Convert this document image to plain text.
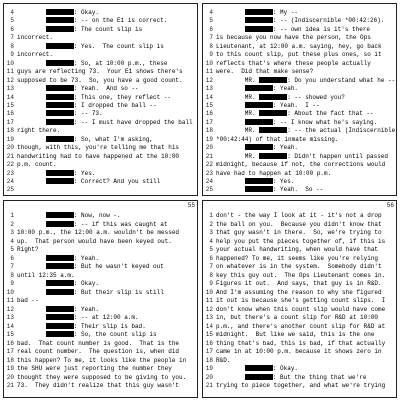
4	: Okay.
5	: -- on the E1 is correct.
6	: The count slip is
7 incorrect.
8	: Yes.  The count slip is
9 incorrect.
10	: So, at 10:00 p.m., these
11 guys are reflecting 73.  Your E1 shows there's
12 supposed to be 73.  So, you have a good count.
13	: Yeah.  And so --
14	: This one, they reflect --
15	: I dropped the ball --
16	: -- 73.
17	: -- I must have dropped the ball
18 right there.
19	: So, what I'm asking,
20 though, with this, you're telling me that his
21 handwriting had to have happened at the 10:00
22 p.m. count.
23	: Yes.
24	: Correct? And you still
25
4	: My --
5	: -- (Indiscernible *00:42:26).
6	: -- own idea is it's there
7 is because you now have the person, the Ops
8 Lieutenant, at 12:00 a.m. saying, hey, go back
9 to this count slip, put these plus ones, so it
10 reflects that's where these people actually
11 were.  Did that make sense?
12 MR.	: Do you understand what he --
13	: Yeah.
14 MR.	: -- showed you?
15	: Yeah.  I --
16 MR.	: About the fact that --
17	: -- I know what he's saying.
18 MR.	: -- the actual (Indiscernible
19 *00:42:44) of that inmate missing.
20	: Yeah.
21 MR.	: Didn't happen until passed
22 midnight, because if not, the corrections would
23 have had to happen at 10:00 p.m.
24	: Yes.
25	: Yeah.  So --
55
1	: Now, now -.
2	: -- if this was caught at
3 10:00 p.m., the 12:00 a.m. wouldn't be messed
4 up.  That person would have been keyed out.
5 Right?
6	: Yeah.
7	: But he wasn't keyed out
8 until 12:35 a.m.
9	: Okay.
10	: But their slip is still
11 bad --
12	: Yeah.
13	: -- at 12:00 a.m.
14	: Their slip is bad.
15	: So, the count slip is
16 bad.  That count number is good.  That is the
17 real count number.  The question is, when did
18 this happen? To me, it looks like the people in
19 the SHU were just reporting the number they
20 thought they were supposed to be giving to you.
21 73.  They didn't realize that this guy wasn't
56
1 don't - the way I look at it - it's not a drop
2 the ball on you.  Because you didn't know that
3 that guy wasn't in there.  So, we're trying to
4 help you put the pieces together of, if this is
5 your actual handwriting, when would have that
6 happened? To me, it seems like you're relying
7 on whatever is in the system.  Somebody didn't
8 key this guy out.  The Ops Lieutenant comes in.
9 Figures it out.  And says, that guy is in R&D.
10 And I'm assuming the reason to why she figured
11 it out is because she's getting count slips.  I
12 don't know when this count slip would have come
13 in, but there's a count slip for R&D at 10:00
14 p.m., and there's another count slip for R&D at
15 midnight.  But like we said, this is the one
16 thing that's bad, this is bad, if that actually
17 came in at 10:00 p.m. because it shows zero in
18 R&D.
19	: Okay.
20	: But the thing that we're
21 trying to piece together, and what we're trying
